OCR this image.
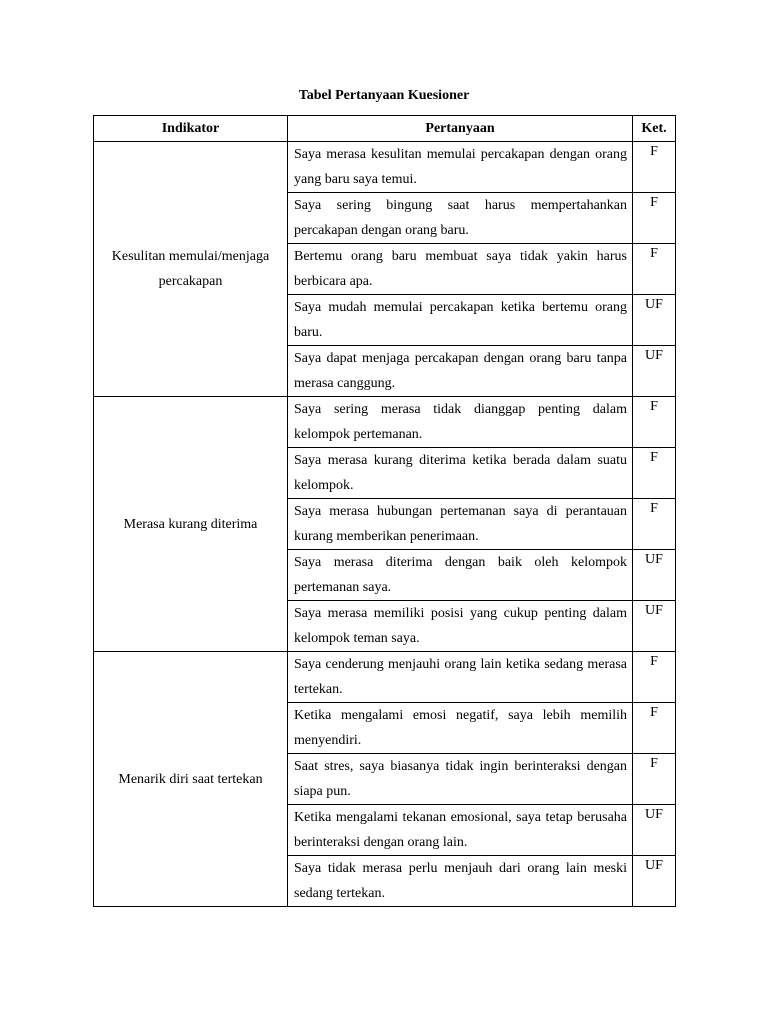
Tabel Pertanyaan Kuesioner
Indikator	Pertanyaan	Ket.

Kesulitan memulai/menjaga
percakapan	Saya merasa kesulitan memulai percakapan dengan orang yang baru saya temui.	F

	Saya sering bingung saat harus mempertahankan percakapan dengan orang baru.	F

	Bertemu orang baru membuat saya tidak yakin harus berbicara apa.	F

	Saya mudah memulai percakapan ketika bertemu orang baru.	UF

	Saya dapat menjaga percakapan dengan orang baru tanpa merasa canggung.	UF

Merasa kurang diterima	Saya sering merasa tidak dianggap penting dalam kelompok pertemanan.	F

	Saya merasa kurang diterima ketika berada dalam suatu kelompok.	F

	Saya merasa hubungan pertemanan saya di perantauan kurang memberikan penerimaan.	F

	Saya merasa diterima dengan baik oleh kelompok pertemanan saya.	UF

	Saya merasa memiliki posisi yang cukup penting dalam kelompok teman saya.	UF

Menarik diri saat tertekan	Saya cenderung menjauhi orang lain ketika sedang merasa tertekan.	F

	Ketika mengalami emosi negatif, saya lebih memilih menyendiri.	F

	Saat stres, saya biasanya tidak ingin berinteraksi dengan siapa pun.	F

	Ketika mengalami tekanan emosional, saya tetap berusaha berinteraksi dengan orang lain.	UF

	Saya tidak merasa perlu menjauh dari orang lain meski sedang tertekan.	UF
